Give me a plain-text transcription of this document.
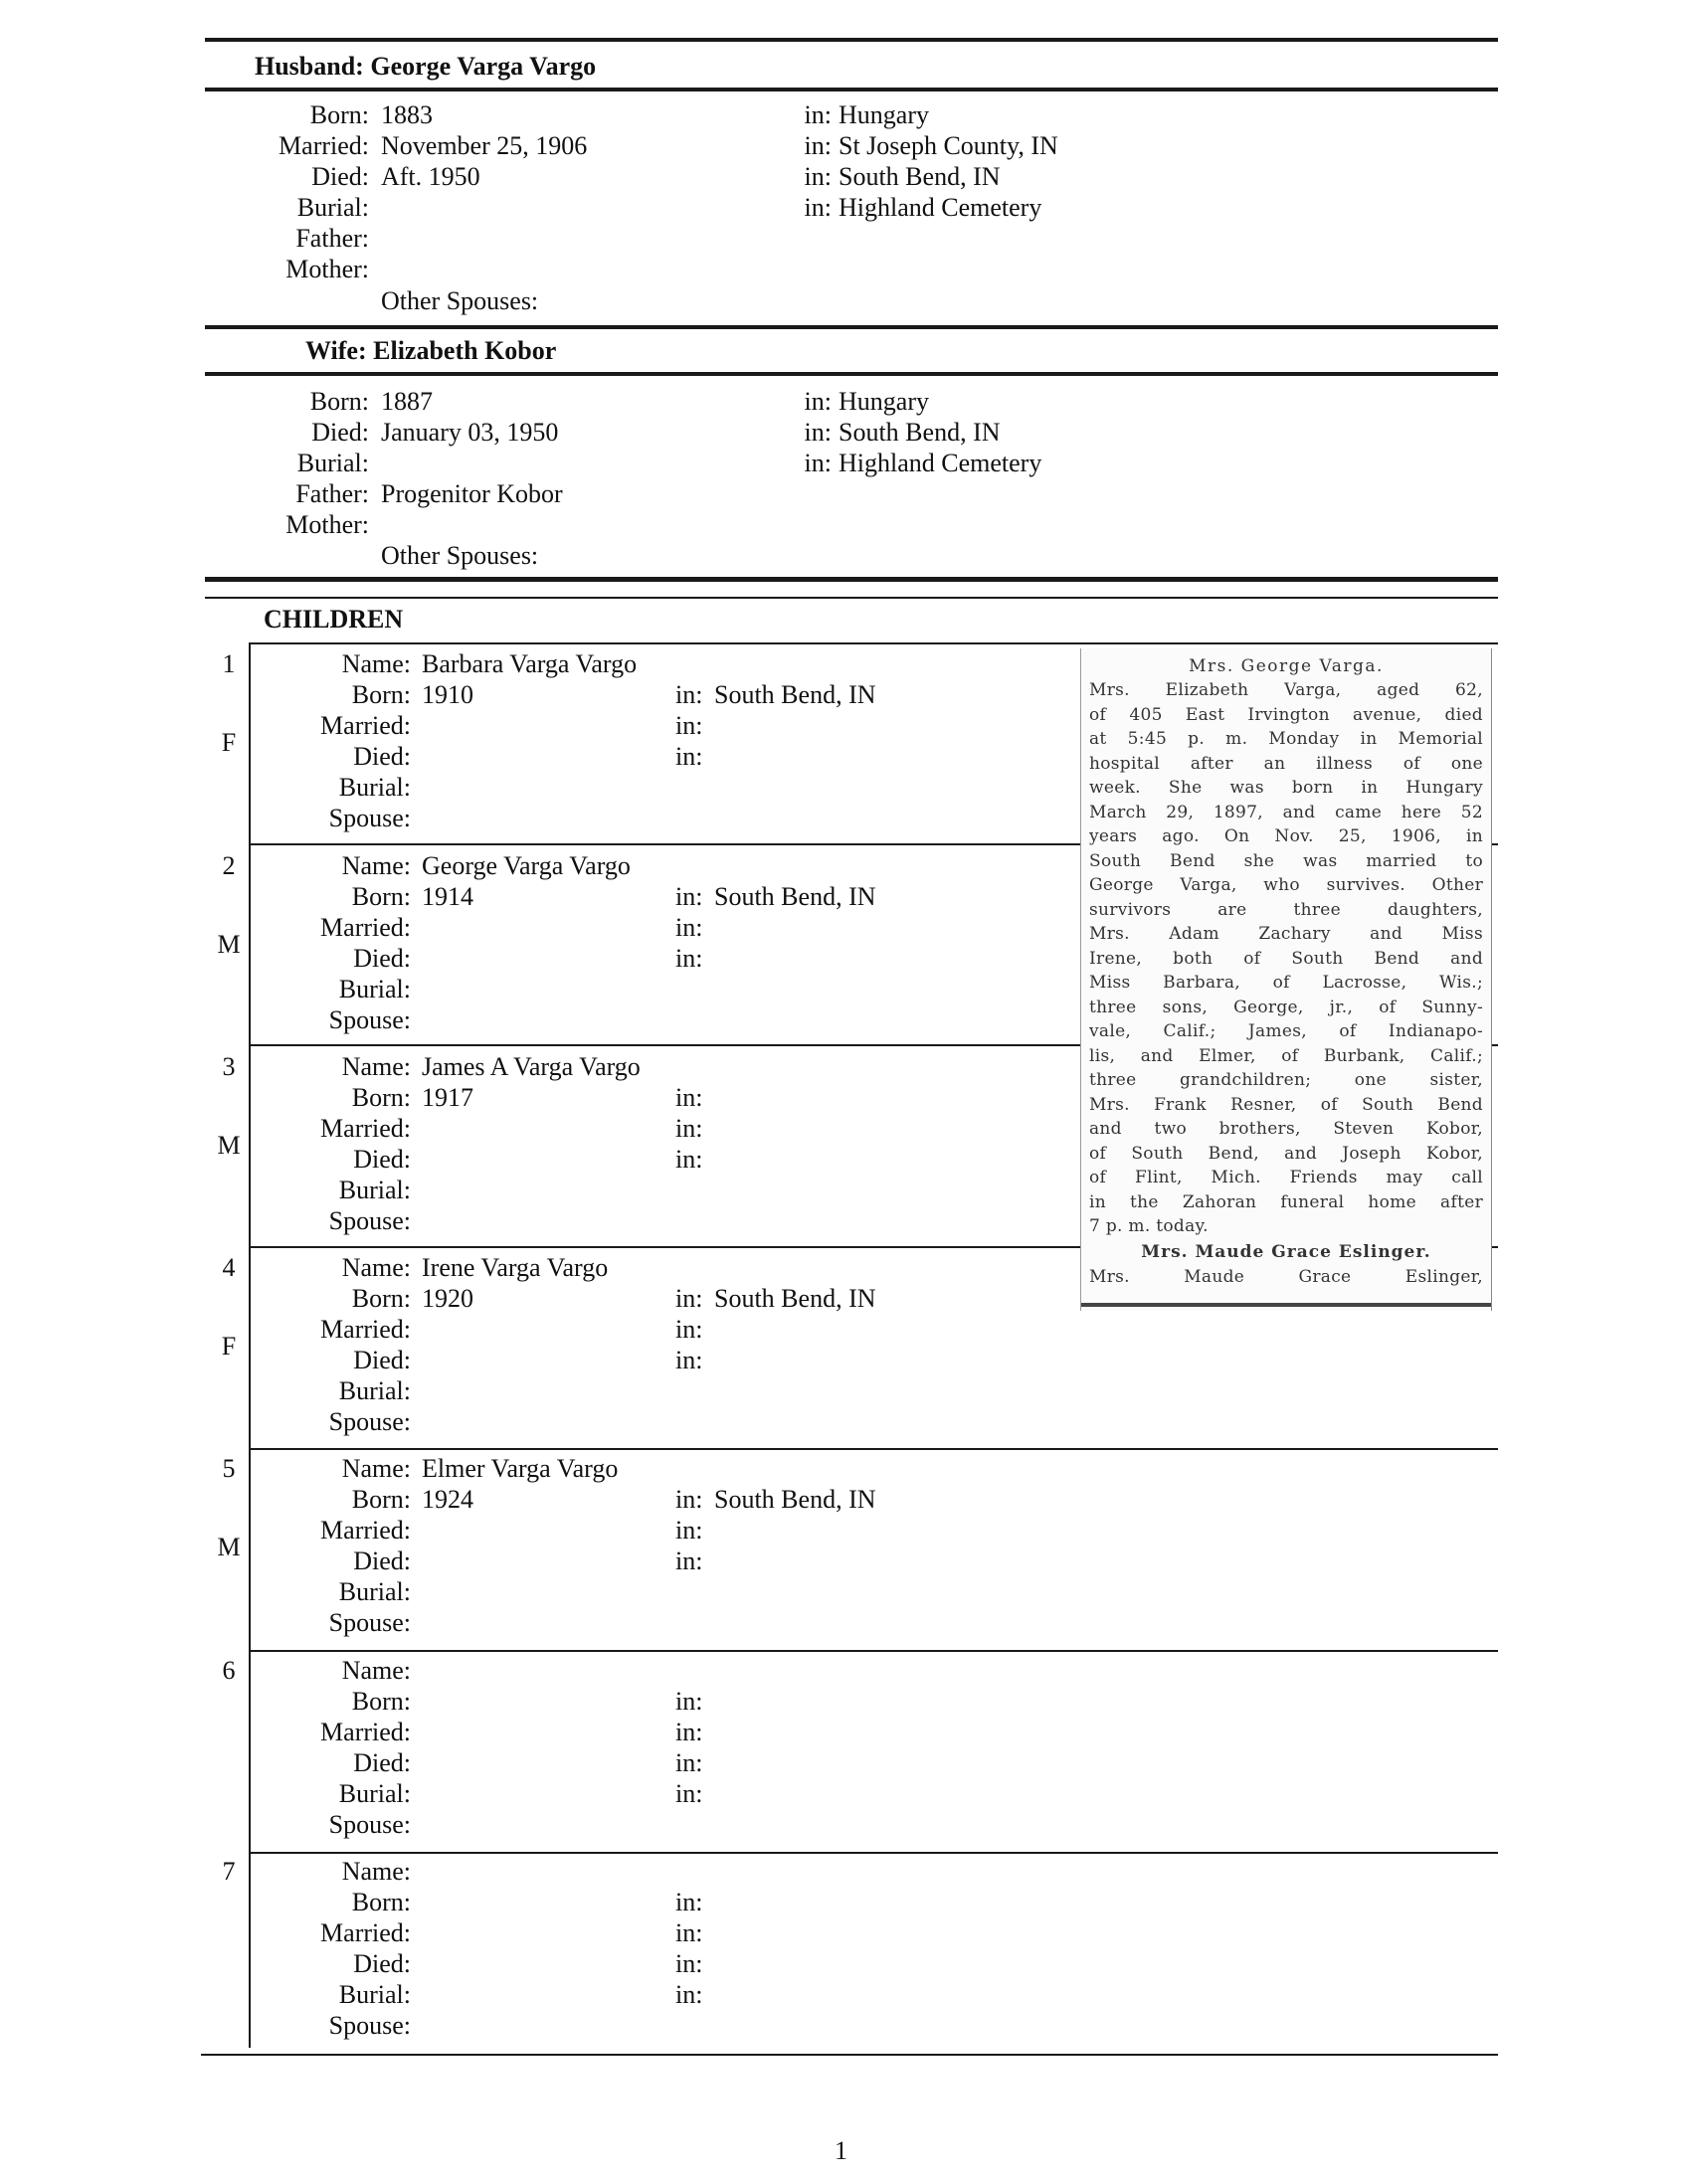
Husband: George Varga Vargo
Born: 1883	in: Hungary
Married: November 25, 1906	in: St Joseph County, IN
Died: Aft. 1950	in: South Bend, IN
Burial:	in: Highland Cemetery
Father:
Mother:
Other Spouses:
Wife: Elizabeth Kobor
Born: 1887	in: Hungary
Died: January 03, 1950	in: South Bend, IN
Burial:	in: Highland Cemetery
Father: Progenitor Kobor
Mother:
Other Spouses:
CHILDREN
1
F
Name: Barbara Varga Vargo
Born: 1910	in: South Bend, IN
Married:	in:
Died:	in:
Burial:
Spouse:
2
M
Name: George Varga Vargo
Born: 1914	in: South Bend, IN
Married:	in:
Died:	in:
Burial:
Spouse:
3
M
Name: James A Varga Vargo
Born: 1917	in:
Married:	in:
Died:	in:
Burial:
Spouse:
4
F
Name: Irene Varga Vargo
Born: 1920	in: South Bend, IN
Married:	in:
Died:	in:
Burial:
Spouse:
5
M
Name: Elmer Varga Vargo
Born: 1924	in: South Bend, IN
Married:	in:
Died:	in:
Burial:
Spouse:
6	Name:
Born:	in:
Married:	in:
Died:	in:
Burial:	in:
Spouse:
7	Name:
Born:	in:
Married:	in:
Died:	in:
Burial:	in:
Spouse:
Mrs. George Varga.
Mrs. Elizabeth Varga, aged 62,
of 405 East Irvington avenue, died
at 5:45 p. m. Monday in Memorial
hospital after an illness of one
week. She was born in Hungary
March 29, 1897, and came here 52
years ago. On Nov. 25, 1906, in
South Bend she was married to
George Varga, who survives. Other
survivors are three daughters,
Mrs. Adam Zachary and Miss
Irene, both of South Bend and
Miss Barbara, of Lacrosse, Wis.;
three sons, George, jr., of Sunny-
vale, Calif.; James, of Indianapo-
lis, and Elmer, of Burbank, Calif.;
three grandchildren; one sister,
Mrs. Frank Resner, of South Bend
and two brothers, Steven Kobor,
of South Bend, and Joseph Kobor,
of Flint, Mich. Friends may call
in the Zahoran funeral home after
7 p. m. today.
Mrs. Maude Grace Eslinger.
Mrs. Maude Grace Eslinger,
1
